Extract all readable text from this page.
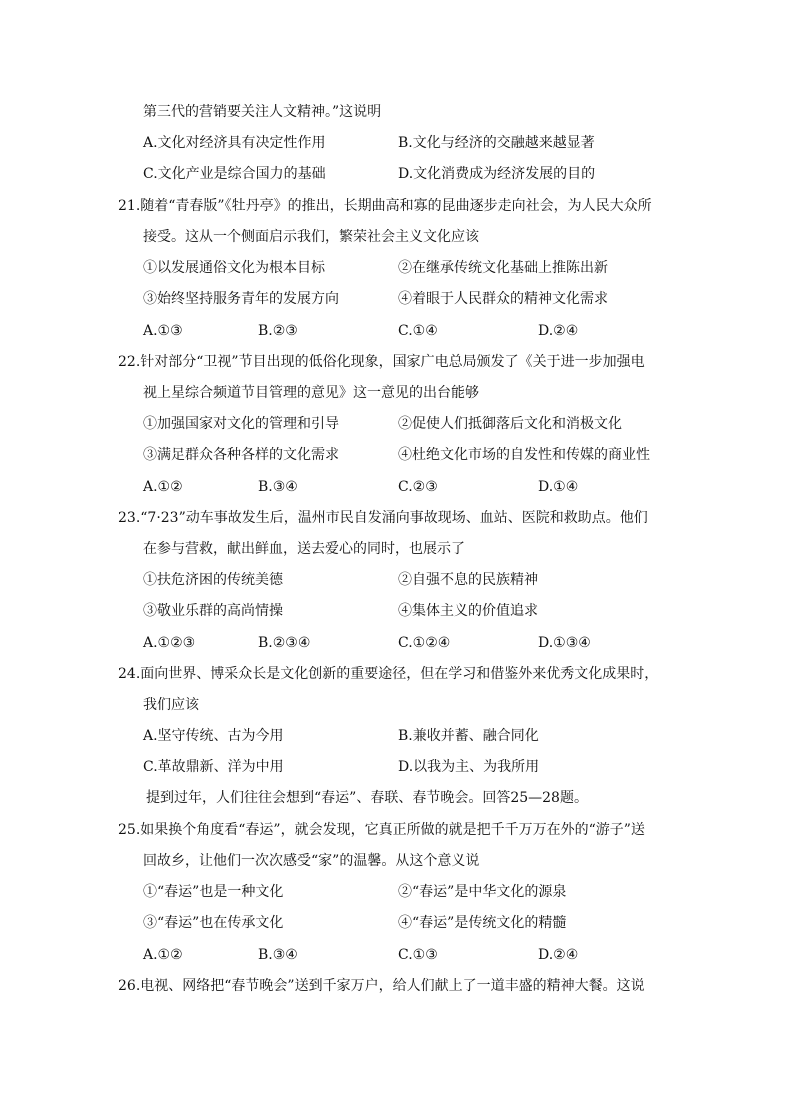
第三代的营销要关注人文精神。”这说明
A.文化对经济具有决定性作用	B.文化与经济的交融越来越显著
C.文化产业是综合国力的基础	D.文化消费成为经济发展的目的
21.随着“青春版”《牡丹亭》的推出，长期曲高和寡的昆曲逐步走向社会，为人民大众所
接受。这从一个侧面启示我们，繁荣社会主义文化应该
①以发展通俗文化为根本目标	②在继承传统文化基础上推陈出新
③始终坚持服务青年的发展方向	④着眼于人民群众的精神文化需求
A.①③	B.②③	C.①④	D.②④
22.针对部分“卫视”节目出现的低俗化现象，国家广电总局颁发了《关于进一步加强电
视上星综合频道节目管理的意见》这一意见的出台能够
①加强国家对文化的管理和引导	②促使人们抵御落后文化和消极文化
③满足群众各种各样的文化需求	④杜绝文化市场的自发性和传媒的商业性
A.①②	B.③④	C.②③	D.①④
23.“7·23”动车事故发生后，温州市民自发涌向事故现场、血站、医院和救助点。他们
在参与营救，献出鲜血，送去爱心的同时，也展示了
①扶危济困的传统美德	②自强不息的民族精神
③敬业乐群的高尚情操	④集体主义的价值追求
A.①②③	B.②③④	C.①②④	D.①③④
24.面向世界、博采众长是文化创新的重要途径，但在学习和借鉴外来优秀文化成果时，
我们应该
A.坚守传统、古为今用	B.兼收并蓄、融合同化
C.革故鼎新、洋为中用	D.以我为主、为我所用
提到过年，人们往往会想到“春运”、春联、春节晚会。回答25—28题。
25.如果换个角度看“春运”，就会发现，它真正所做的就是把千千万万在外的“游子”送
回故乡，让他们一次次感受“家”的温馨。从这个意义说
①“春运”也是一种文化	②“春运”是中华文化的源泉
③“春运”也在传承文化	④“春运”是传统文化的精髓
A.①②	B.③④	C.①③	D.②④
26.电视、网络把“春节晚会”送到千家万户，给人们献上了一道丰盛的精神大餐。这说
